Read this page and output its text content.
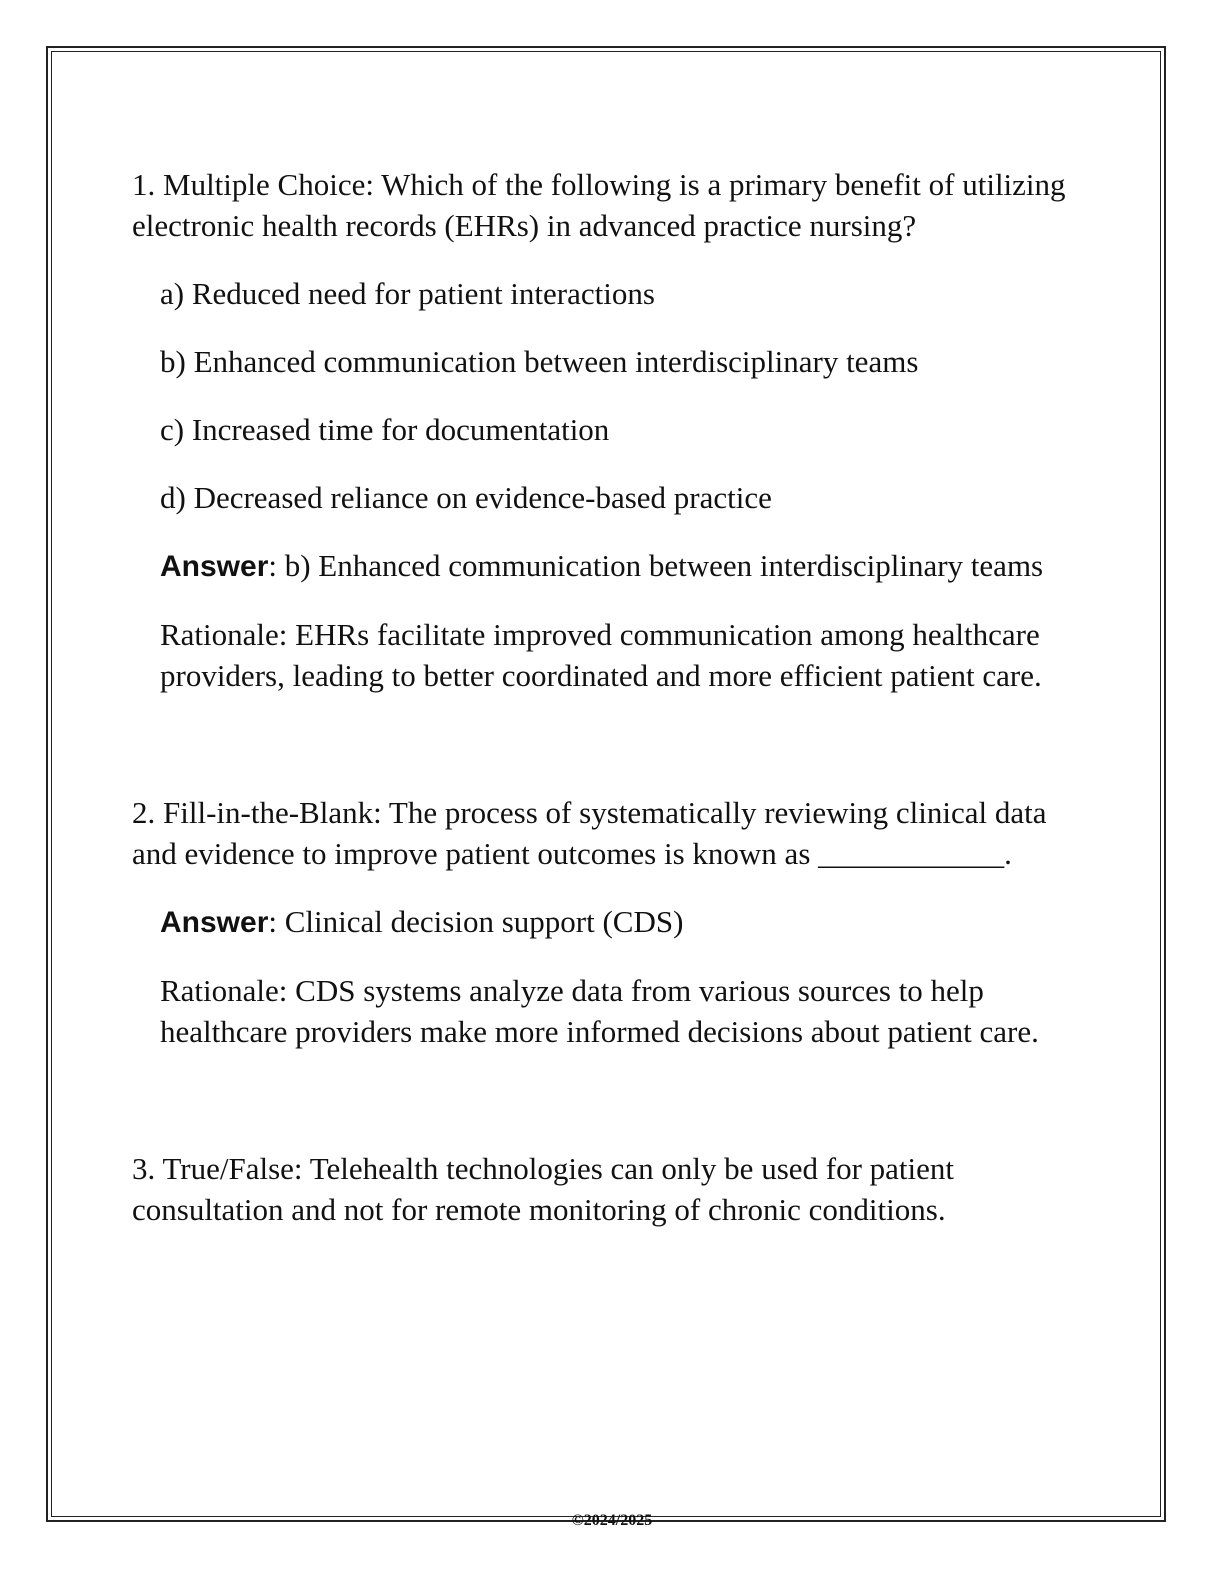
1. Multiple Choice: Which of the following is a primary benefit of utilizing electronic health records (EHRs) in advanced practice nursing?

a) Reduced need for patient interactions

b) Enhanced communication between interdisciplinary teams

c) Increased time for documentation

d) Decreased reliance on evidence-based practice

Answer: b) Enhanced communication between interdisciplinary teams

Rationale: EHRs facilitate improved communication among healthcare providers, leading to better coordinated and more efficient patient care.

2. Fill-in-the-Blank: The process of systematically reviewing clinical data and evidence to improve patient outcomes is known as ____________.

Answer: Clinical decision support (CDS)

Rationale: CDS systems analyze data from various sources to help healthcare providers make more informed decisions about patient care.

3. True/False: Telehealth technologies can only be used for patient consultation and not for remote monitoring of chronic conditions.

©2024/2025
